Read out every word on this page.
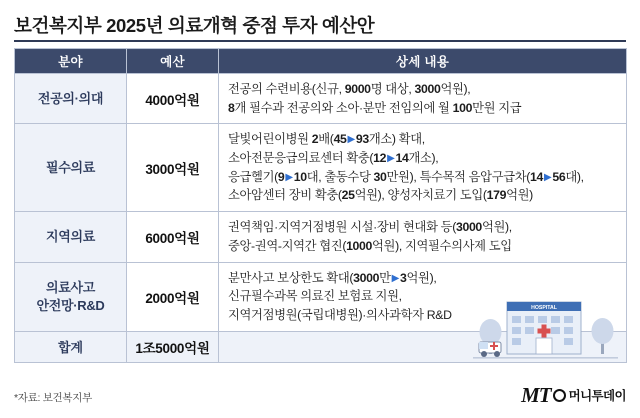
보건복지부 2025년 의료개혁 중점 투자 예산안
분야	예산	상세 내용
전공의·의대	4000억원	전공의 수련비용(신규, 9000명 대상, 3000억원),
8개 필수과 전공의와 소아·분만 전임의에 월 100만원 지급

필수의료	3000억원	달빛어린이병원 2배(45▶93개소) 확대,
소아전문응급의료센터 확충(12▶14개소),
응급헬기(9▶10대, 출동수당 30만원), 특수목적 음압구급차(14▶56대),
소아암센터 장비 확충(25억원), 양성자치료기 도입(179억원)

지역의료	6000억원	권역책임·지역거점병원 시설·장비 현대화 등(3000억원),
중앙-권역-지역간 협진(1000억원), 지역필수의사제 도입

의료사고
안전망·R&D	2000억원	
분만사고 보상한도 확대(3000만▶3억원),
신규필수과목 의료진 보험료 지원,
지역거점병원(국립대병원)·의사과학자 R&D

합계	1조5000억원	
HOSPITAL
*자료: 보건복지부	MT 머니투데이
